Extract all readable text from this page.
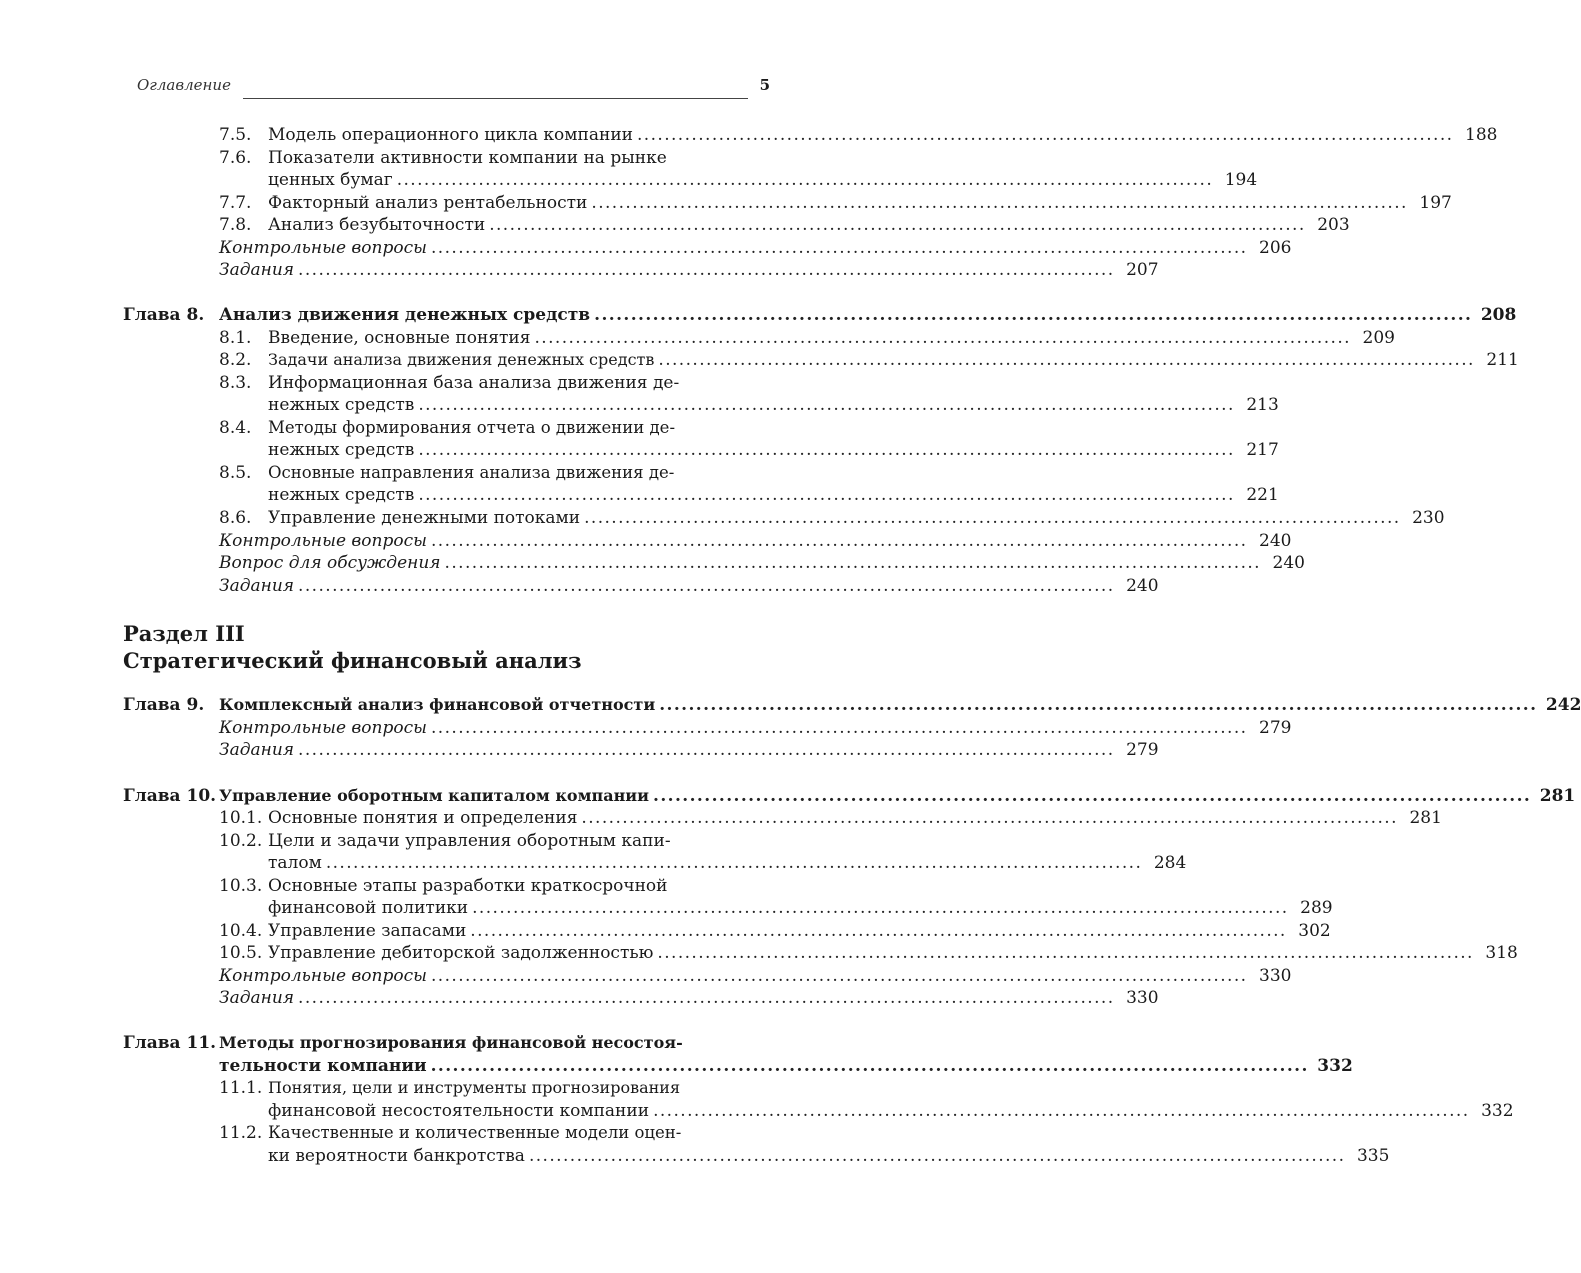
Оглавление	5
7.5. Модель операционного цикла компании ........................................................................................................................ 188
7.6. Показатели активности компании на рынке
ценных бумаг ........................................................................................................................ 194
7.7. Факторный анализ рентабельности ........................................................................................................................ 197
7.8. Анализ безубыточности ........................................................................................................................ 203
Контрольные вопросы ........................................................................................................................ 206
Задания ........................................................................................................................ 207
Глава 8. Анализ движения денежных средств ........................................................................................................................ 208
8.1. Введение, основные понятия ........................................................................................................................ 209
8.2. Задачи анализа движения денежных средств ........................................................................................................................ 211
8.3. Информационная база анализа движения де-
нежных средств ........................................................................................................................ 213
8.4. Методы формирования отчета о движении де-
нежных средств ........................................................................................................................ 217
8.5. Основные направления анализа движения де-
нежных средств ........................................................................................................................ 221
8.6. Управление денежными потоками ........................................................................................................................ 230
Контрольные вопросы ........................................................................................................................ 240
Вопрос для обсуждения ........................................................................................................................ 240
Задания ........................................................................................................................ 240
Раздел III
Стратегический финансовый анализ
Глава 9. Комплексный анализ финансовой отчетности ........................................................................................................................ 242
Контрольные вопросы ........................................................................................................................ 279
Задания ........................................................................................................................ 279
Глава 10. Управление оборотным капиталом компании ........................................................................................................................ 281
10.1. Основные понятия и определения ........................................................................................................................ 281
10.2. Цели и задачи управления оборотным капи-
талом ........................................................................................................................ 284
10.3. Основные этапы разработки краткосрочной
финансовой политики ........................................................................................................................ 289
10.4. Управление запасами ........................................................................................................................ 302
10.5. Управление дебиторской задолженностью ........................................................................................................................ 318
Контрольные вопросы ........................................................................................................................ 330
Задания ........................................................................................................................ 330
Глава 11. Методы прогнозирования финансовой несостоя-
тельности компании ........................................................................................................................ 332
11.1. Понятия, цели и инструменты прогнозирования
финансовой несостоятельности компании ........................................................................................................................ 332
11.2. Качественные и количественные модели оцен-
ки вероятности банкротства ........................................................................................................................ 335
